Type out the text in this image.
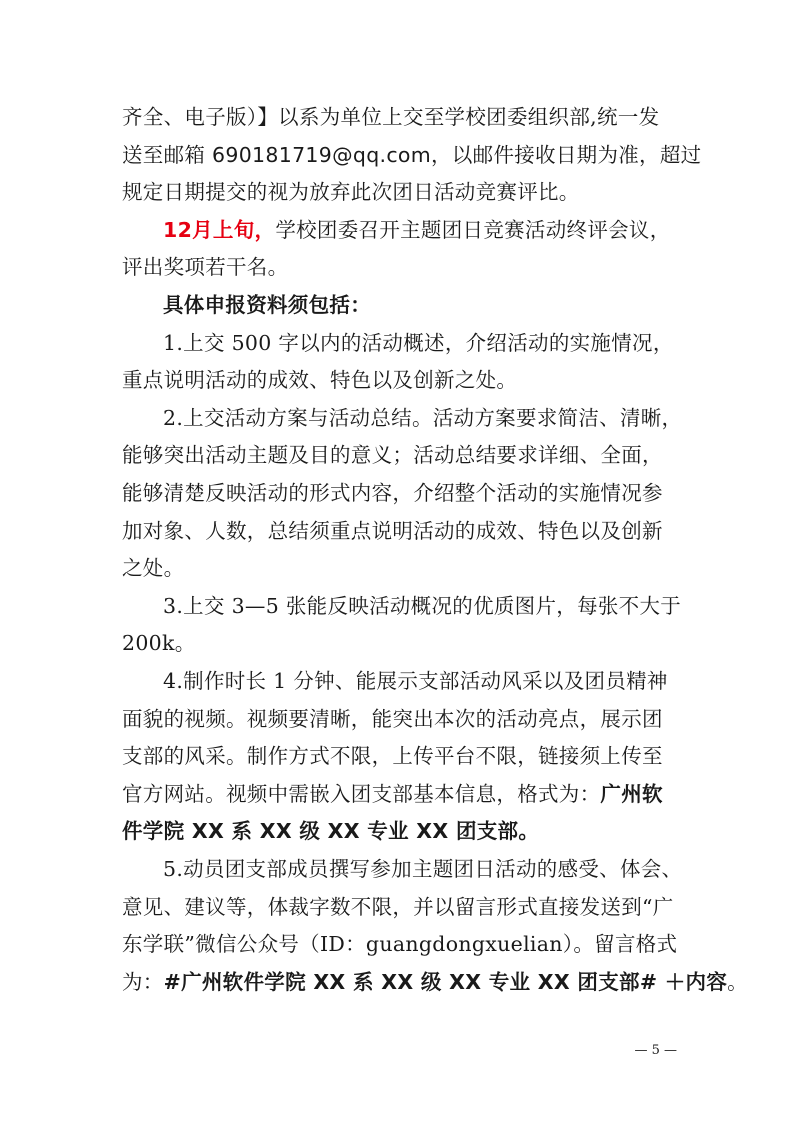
齐全、电子版）】以系为单位上交至学校团委组织部,统一发
送至邮箱 690181719@qq.com，以邮件接收日期为准，超过
规定日期提交的视为放弃此次团日活动竞赛评比。
12月上旬，学校团委召开主题团日竞赛活动终评会议，
评出奖项若干名。
具体申报资料须包括：
1.上交 500 字以内的活动概述，介绍活动的实施情况，
重点说明活动的成效、特色以及创新之处。
2.上交活动方案与活动总结。活动方案要求简洁、清晰，
能够突出活动主题及目的意义；活动总结要求详细、全面，
能够清楚反映活动的形式内容，介绍整个活动的实施情况参
加对象、人数，总结须重点说明活动的成效、特色以及创新
之处。
3.上交 3—5 张能反映活动概况的优质图片，每张不大于
200k。
4.制作时长 1 分钟、能展示支部活动风采以及团员精神
面貌的视频。视频要清晰，能突出本次的活动亮点，展示团
支部的风采。制作方式不限，上传平台不限，链接须上传至
官方网站。视频中需嵌入团支部基本信息，格式为：广州软
件学院 XX 系 XX 级 XX 专业 XX 团支部。
5.动员团支部成员撰写参加主题团日活动的感受、体会、
意见、建议等，体裁字数不限，并以留言形式直接发送到“广
东学联”微信公众号（ID：guangdongxuelian）。留言格式
为：#广州软件学院 XX 系 XX 级 XX 专业 XX 团支部# ＋内容。
— 5 —
